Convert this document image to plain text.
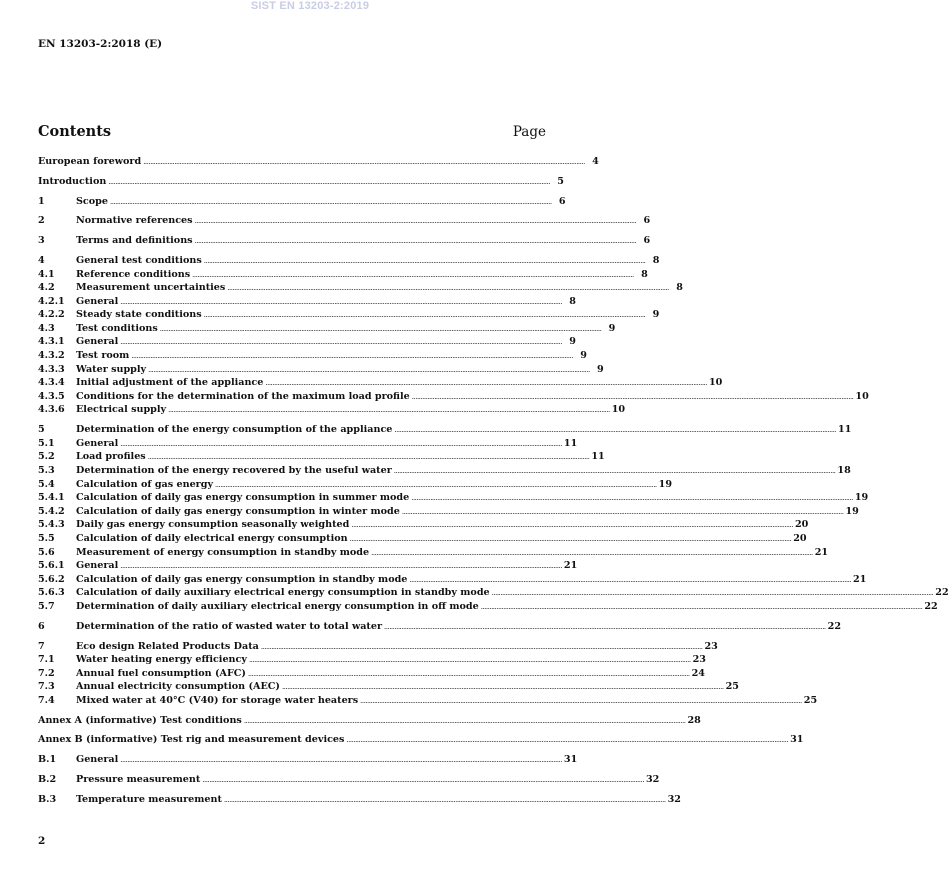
SIST EN 13203-2:2019
EN 13203-2:2018 (E)
Contents	Page
European foreword .....	4
Introduction .....	5
1	Scope .....	6
2	Normative references .....	6
3	Terms and definitions .....	6
4	General test conditions .....	8
4.1	Reference conditions .....	8
4.2	Measurement uncertainties .....	8
4.2.1	General .....	8
4.2.2	Steady state conditions .....	9
4.3	Test conditions .....	9
4.3.1	General .....	9
4.3.2	Test room .....	9
4.3.3	Water supply .....	9
4.3.4	Initial adjustment of the appliance .....	10
4.3.5	Conditions for the determination of the maximum load profile .....	10
4.3.6	Electrical supply .....	10
5	Determination of the energy consumption of the appliance .....	11
5.1	General .....	11
5.2	Load profiles .....	11
5.3	Determination of the energy recovered by the useful water .....	18
5.4	Calculation of gas energy .....	19
5.4.1	Calculation of daily gas energy consumption in summer mode .....	19
5.4.2	Calculation of daily gas energy consumption in winter mode .....	19
5.4.3	Daily gas energy consumption seasonally weighted .....	20
5.5	Calculation of daily electrical energy consumption .....	20
5.6	Measurement of energy consumption in standby mode .....	21
5.6.1	General .....	21
5.6.2	Calculation of daily gas energy consumption in standby mode .....	21
5.6.3	Calculation of daily auxiliary electrical energy consumption in standby mode .....	22
5.7	Determination of daily auxiliary electrical energy consumption in off mode .....	22
6	Determination of the ratio of wasted water to total water .....	22
7	Eco design Related Products Data .....	23
7.1	Water heating energy efficiency .....	23
7.2	Annual fuel consumption (AFC) .....	24
7.3	Annual electricity consumption (AEC) .....	25
7.4	Mixed water at 40°C (V40) for storage water heaters .....	25
Annex A (informative) Test conditions .....	28
Annex B (informative) Test rig and measurement devices .....	31
B.1	General .....	31
B.2	Pressure measurement .....	32
B.3	Temperature measurement .....	32
2
